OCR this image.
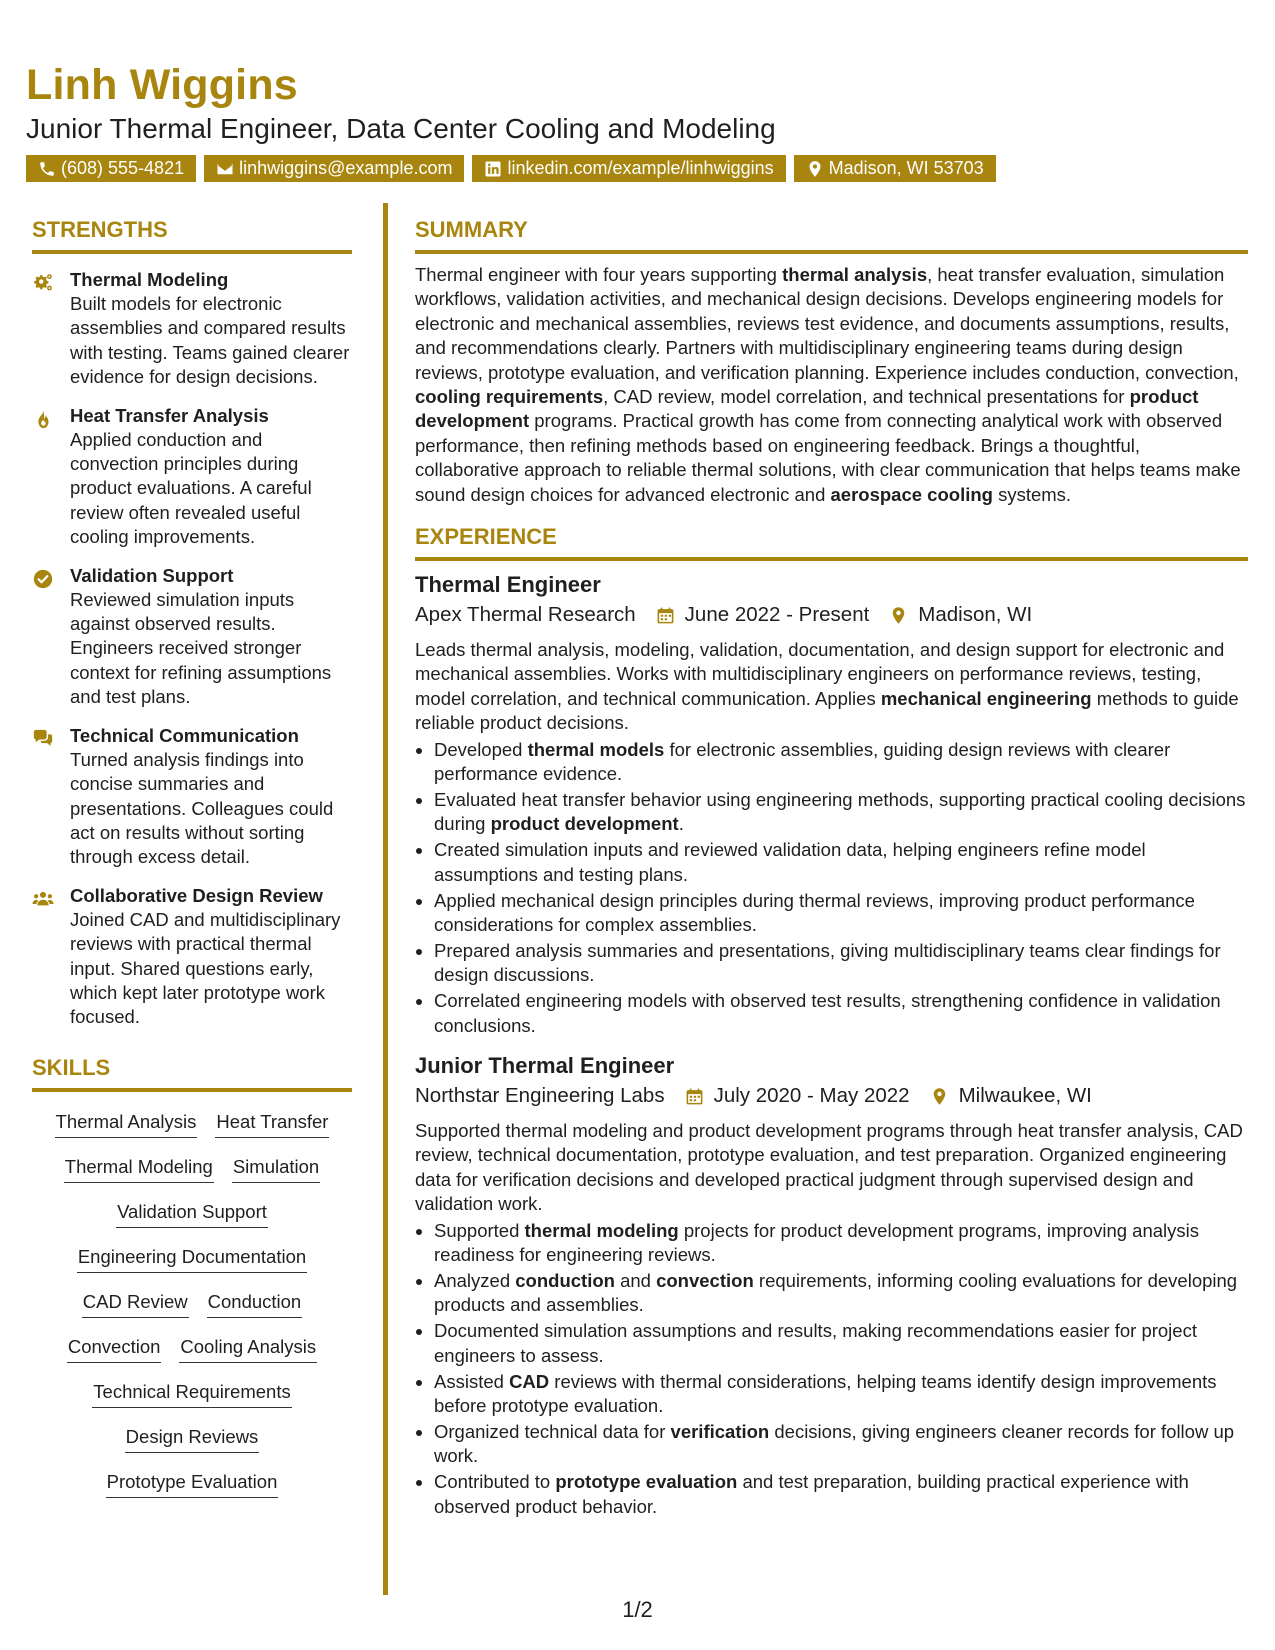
Linh Wiggins
Junior Thermal Engineer, Data Center Cooling and Modeling
(608) 555-4821	linhwiggins@example.com	linkedin.com/example/linhwiggins	Madison, WI 53703
STRENGTHS
Thermal Modeling
Built models for electronic assemblies and compared results with testing. Teams gained clearer evidence for design decisions.
Heat Transfer Analysis
Applied conduction and convection principles during product evaluations. A careful review often revealed useful cooling improvements.
Validation Support
Reviewed simulation inputs against observed results. Engineers received stronger context for refining assumptions and test plans.
Technical Communication
Turned analysis findings into concise summaries and presentations. Colleagues could act on results without sorting through excess detail.
Collaborative Design Review
Joined CAD and multidisciplinary reviews with practical thermal input. Shared questions early, which kept later prototype work focused.
SKILLS
Thermal Analysis Heat Transfer
Thermal Modeling Simulation
Validation Support
Engineering Documentation
CAD Review Conduction
Convection Cooling Analysis
Technical Requirements
Design Reviews
Prototype Evaluation
SUMMARY
Thermal engineer with four years supporting thermal analysis, heat transfer evaluation, simulation workflows, validation activities, and mechanical design decisions. Develops engineering models for electronic and mechanical assemblies, reviews test evidence, and documents assumptions, results, and recommendations clearly. Partners with multidisciplinary engineering teams during design reviews, prototype evaluation, and verification planning. Experience includes conduction, convection, cooling requirements, CAD review, model correlation, and technical presentations for product development programs. Practical growth has come from connecting analytical work with observed performance, then refining methods based on engineering feedback. Brings a thoughtful, collaborative approach to reliable thermal solutions, with clear communication that helps teams make sound design choices for advanced electronic and aerospace cooling systems.
EXPERIENCE
Thermal Engineer
Apex Thermal Research June 2022 - Present Madison, WI
Leads thermal analysis, modeling, validation, documentation, and design support for electronic and mechanical assemblies. Works with multidisciplinary engineers on performance reviews, testing, model correlation, and technical communication. Applies mechanical engineering methods to guide reliable product decisions.
• Developed thermal models for electronic assemblies, guiding design reviews with clearer performance evidence.
• Evaluated heat transfer behavior using engineering methods, supporting practical cooling decisions during product development.
• Created simulation inputs and reviewed validation data, helping engineers refine model assumptions and testing plans.
• Applied mechanical design principles during thermal reviews, improving product performance considerations for complex assemblies.
• Prepared analysis summaries and presentations, giving multidisciplinary teams clear findings for design discussions.
• Correlated engineering models with observed test results, strengthening confidence in validation conclusions.
Junior Thermal Engineer
Northstar Engineering Labs July 2020 - May 2022 Milwaukee, WI
Supported thermal modeling and product development programs through heat transfer analysis, CAD review, technical documentation, prototype evaluation, and test preparation. Organized engineering data for verification decisions and developed practical judgment through supervised design and validation work.
• Supported thermal modeling projects for product development programs, improving analysis readiness for engineering reviews.
• Analyzed conduction and convection requirements, informing cooling evaluations for developing products and assemblies.
• Documented simulation assumptions and results, making recommendations easier for project engineers to assess.
• Assisted CAD reviews with thermal considerations, helping teams identify design improvements before prototype evaluation.
• Organized technical data for verification decisions, giving engineers cleaner records for follow up work.
• Contributed to prototype evaluation and test preparation, building practical experience with observed product behavior.
1/2
